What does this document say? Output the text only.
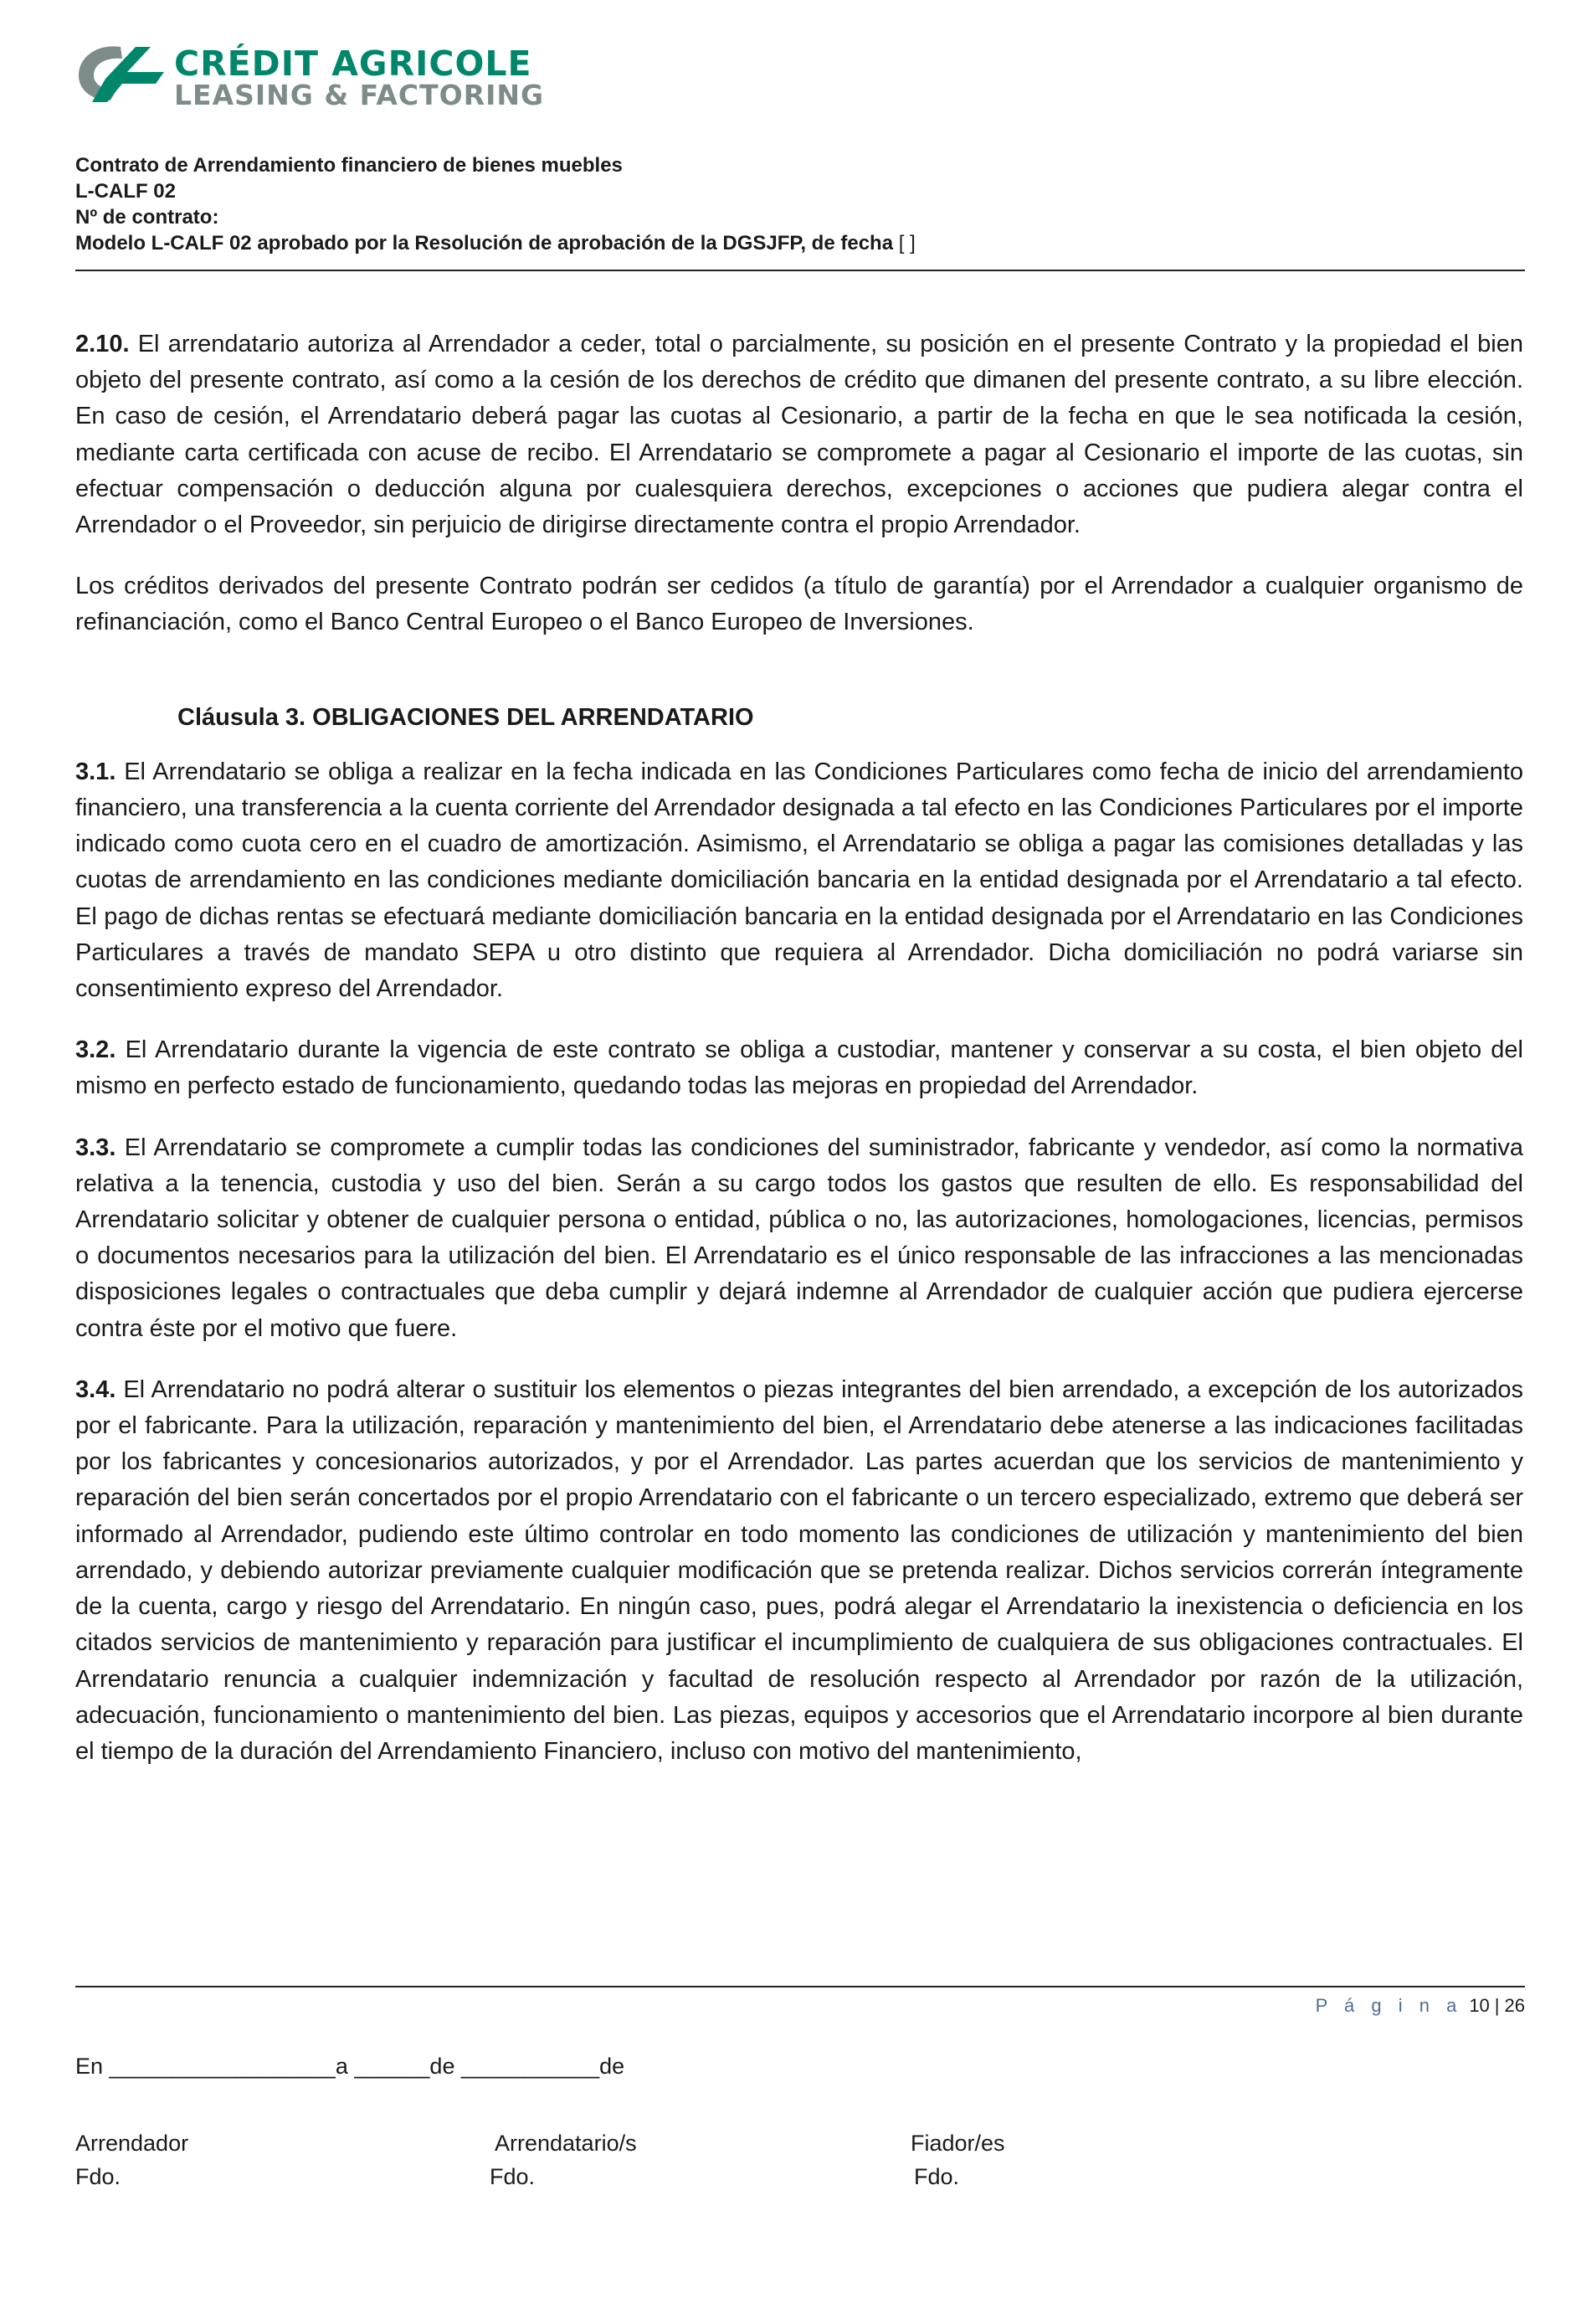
CRÉDIT AGRICOLE
LEASING & FACTORING
Contrato de Arrendamiento financiero de bienes muebles
L-CALF 02
Nº de contrato:
Modelo L-CALF 02 aprobado por la Resolución de aprobación de la DGSJFP, de fecha [ ]

2.10. El arrendatario autoriza al Arrendador a ceder, total o parcialmente, su posición en el presente Contrato y la propiedad el bien objeto del presente contrato, así como a la cesión de los derechos de crédito que dimanen del presente contrato, a su libre elección. En caso de cesión, el Arrendatario deberá pagar las cuotas al Cesionario, a partir de la fecha en que le sea notificada la cesión, mediante carta certificada con acuse de recibo. El Arrendatario se compromete a pagar al Cesionario el importe de las cuotas, sin efectuar compensación o deducción alguna por cualesquiera derechos, excepciones o acciones que pudiera alegar contra el Arrendador o el Proveedor, sin perjuicio de dirigirse directamente contra el propio Arrendador.

Los créditos derivados del presente Contrato podrán ser cedidos (a título de garantía) por el Arrendador a cualquier organismo de refinanciación, como el Banco Central Europeo o el Banco Europeo de Inversiones.

Cláusula 3. OBLIGACIONES DEL ARRENDATARIO

3.1. El Arrendatario se obliga a realizar en la fecha indicada en las Condiciones Particulares como fecha de inicio del arrendamiento financiero, una transferencia a la cuenta corriente del Arrendador designada a tal efecto en las Condiciones Particulares por el importe indicado como cuota cero en el cuadro de amortización. Asimismo, el Arrendatario se obliga a pagar las comisiones detalladas y las cuotas de arrendamiento en las condiciones mediante domiciliación bancaria en la entidad designada por el Arrendatario a tal efecto. El pago de dichas rentas se efectuará mediante domiciliación bancaria en la entidad designada por el Arrendatario en las Condiciones Particulares a través de mandato SEPA u otro distinto que requiera al Arrendador. Dicha domiciliación no podrá variarse sin consentimiento expreso del Arrendador.

3.2. El Arrendatario durante la vigencia de este contrato se obliga a custodiar, mantener y conservar a su costa, el bien objeto del mismo en perfecto estado de funcionamiento, quedando todas las mejoras en propiedad del Arrendador.

3.3. El Arrendatario se compromete a cumplir todas las condiciones del suministrador, fabricante y vendedor, así como la normativa relativa a la tenencia, custodia y uso del bien. Serán a su cargo todos los gastos que resulten de ello. Es responsabilidad del Arrendatario solicitar y obtener de cualquier persona o entidad, pública o no, las autorizaciones, homologaciones, licencias, permisos o documentos necesarios para la utilización del bien. El Arrendatario es el único responsable de las infracciones a las mencionadas disposiciones legales o contractuales que deba cumplir y dejará indemne al Arrendador de cualquier acción que pudiera ejercerse contra éste por el motivo que fuere.

3.4. El Arrendatario no podrá alterar o sustituir los elementos o piezas integrantes del bien arrendado, a excepción de los autorizados por el fabricante. Para la utilización, reparación y mantenimiento del bien, el Arrendatario debe atenerse a las indicaciones facilitadas por los fabricantes y concesionarios autorizados, y por el Arrendador. Las partes acuerdan que los servicios de mantenimiento y reparación del bien serán concertados por el propio Arrendatario con el fabricante o un tercero especializado, extremo que deberá ser informado al Arrendador, pudiendo este último controlar en todo momento las condiciones de utilización y mantenimiento del bien arrendado, y debiendo autorizar previamente cualquier modificación que se pretenda realizar. Dichos servicios correrán íntegramente de la cuenta, cargo y riesgo del Arrendatario. En ningún caso, pues, podrá alegar el Arrendatario la inexistencia o deficiencia en los citados servicios de mantenimiento y reparación para justificar el incumplimiento de cualquiera de sus obligaciones contractuales. El Arrendatario renuncia a cualquier indemnización y facultad de resolución respecto al Arrendador por razón de la utilización, adecuación, funcionamiento o mantenimiento del bien. Las piezas, equipos y accesorios que el Arrendatario incorpore al bien durante el tiempo de la duración del Arrendamiento Financiero, incluso con motivo del mantenimiento,

P á g i n a 10 | 26
En __________________a ______de ___________de
Arrendador
Fdo.
Arrendatario/s
Fdo.
Fiador/es
Fdo.
